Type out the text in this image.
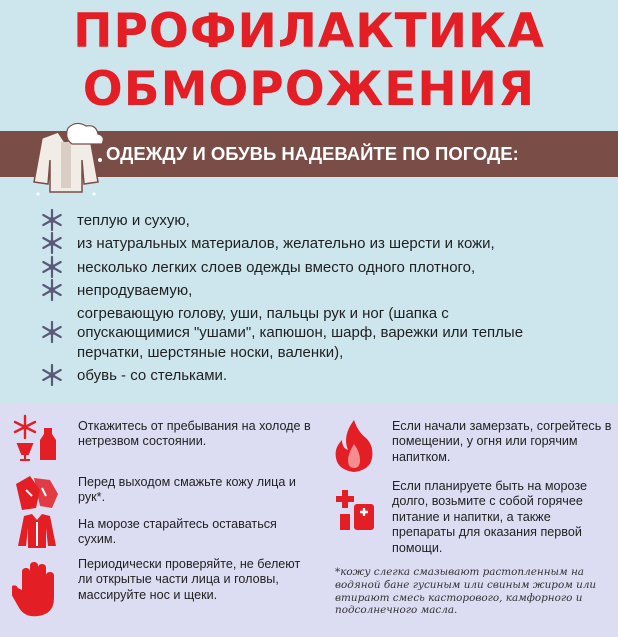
ПРОФИЛАКТИКА
ОБМОРОЖЕНИЯ
ОДЕЖДУ И ОБУВЬ НАДЕВАЙТЕ ПО ПОГОДЕ:
теплую и сухую,
из натуральных материалов, желательно из шерсти и кожи,
несколько легких слоев одежды вместо одного плотного,
непродуваемую,
согревающую голову, уши, пальцы рук и ног (шапка с опускающимися "ушами", капюшон, шарф, варежки или теплые перчатки, шерстяные носки, валенки),
обувь - со стельками.
Откажитесь от пребывания на холоде в нетрезвом состоянии.
Перед выходом смажьте кожу лица и рук*.
На морозе старайтесь оставаться сухим.
Периодически проверяйте, не белеют ли открытые части лица и головы, массируйте нос и щеки.
Если начали замерзать, согрейтесь в помещении, у огня или горячим напитком.
Если планируете быть на морозе долго, возьмите с собой горячее питание и напитки, а также препараты для оказания первой помощи.
*кожу слегка смазывают растопленным на водяной бане гусиным или свиным жиром или втирают смесь касторового, камфорного и подсолнечного масла.
